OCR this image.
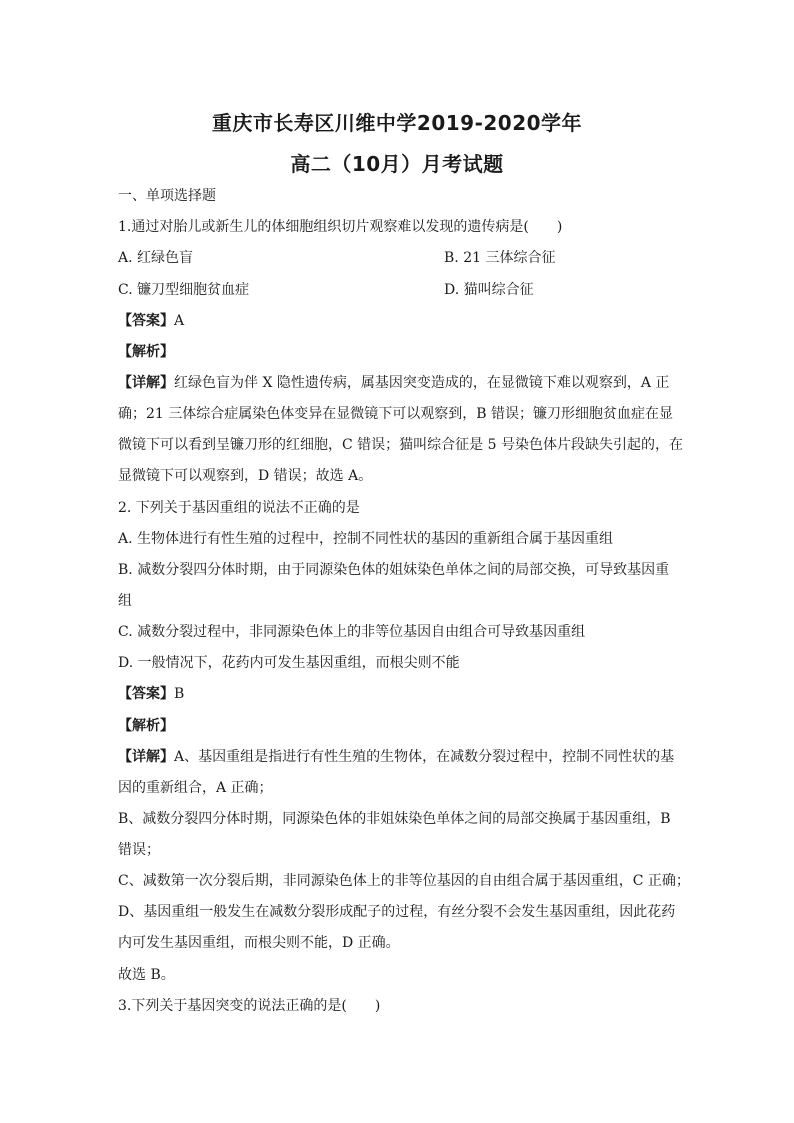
重庆市长寿区川维中学2019-2020学年
高二（10月）月考试题
一、单项选择题
1.通过对胎儿或新生儿的体细胞组织切片观察难以发现的遗传病是(　　)
A. 红绿色盲	B. 21 三体综合征
C. 镰刀型细胞贫血症	D. 猫叫综合征
【答案】A
【解析】
【详解】红绿色盲为伴 X 隐性遗传病，属基因突变造成的，在显微镜下难以观察到，A 正
确；21 三体综合症属染色体变异在显微镜下可以观察到，B 错误；镰刀形细胞贫血症在显
微镜下可以看到呈镰刀形的红细胞，C 错误；猫叫综合征是 5 号染色体片段缺失引起的，在
显微镜下可以观察到，D 错误；故选 A。
2. 下列关于基因重组的说法不正确的是
A. 生物体进行有性生殖的过程中，控制不同性状的基因的重新组合属于基因重组
B. 减数分裂四分体时期，由于同源染色体的姐妹染色单体之间的局部交换，可导致基因重
组
C. 减数分裂过程中，非同源染色体上的非等位基因自由组合可导致基因重组
D. 一般情况下，花药内可发生基因重组，而根尖则不能
【答案】B
【解析】
【详解】A、基因重组是指进行有性生殖的生物体，在减数分裂过程中，控制不同性状的基
因的重新组合，A 正确；
B、减数分裂四分体时期，同源染色体的非姐妹染色单体之间的局部交换属于基因重组，B
错误；
C、减数第一次分裂后期，非同源染色体上的非等位基因的自由组合属于基因重组，C 正确；
D、基因重组一般发生在减数分裂形成配子的过程，有丝分裂不会发生基因重组，因此花药
内可发生基因重组，而根尖则不能，D 正确。
故选 B。
3.下列关于基因突变的说法正确的是(　　)
